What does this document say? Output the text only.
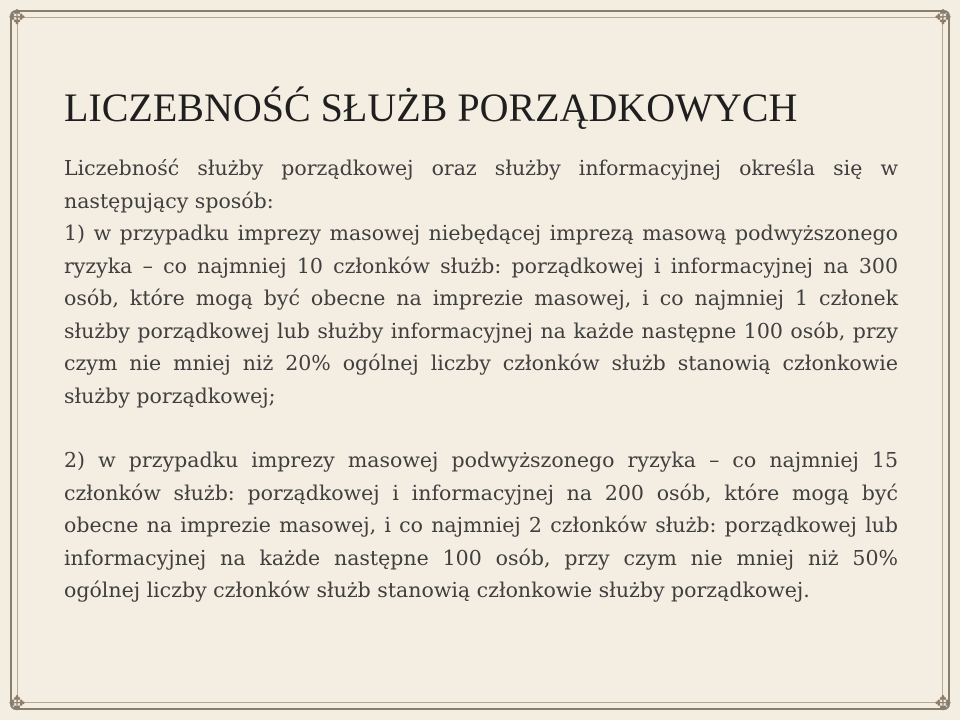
✥	✥
✥	✥
LICZEBNOŚĆ SŁUŻB PORZĄDKOWYCH

Liczebność służby porządkowej oraz służby informacyjnej określa się w następujący sposób:

1) w przypadku imprezy masowej niebędącej imprezą masową podwyższonego ryzyka – co najmniej 10 członków służb: porządkowej i informacyjnej na 300 osób, które mogą być obecne na imprezie masowej, i co najmniej 1 członek służby porządkowej lub służby informacyjnej na każde następne 100 osób, przy czym nie mniej niż 20% ogólnej liczby członków służb stanowią członkowie służby porządkowej;

2) w przypadku imprezy masowej podwyższonego ryzyka – co najmniej 15 członków służb: porządkowej i informacyjnej na 200 osób, które mogą być obecne na imprezie masowej, i co najmniej 2 członków służb: porządkowej lub informacyjnej na każde następne 100 osób, przy czym nie mniej niż 50% ogólnej liczby członków służb stanowią członkowie służby porządkowej.
